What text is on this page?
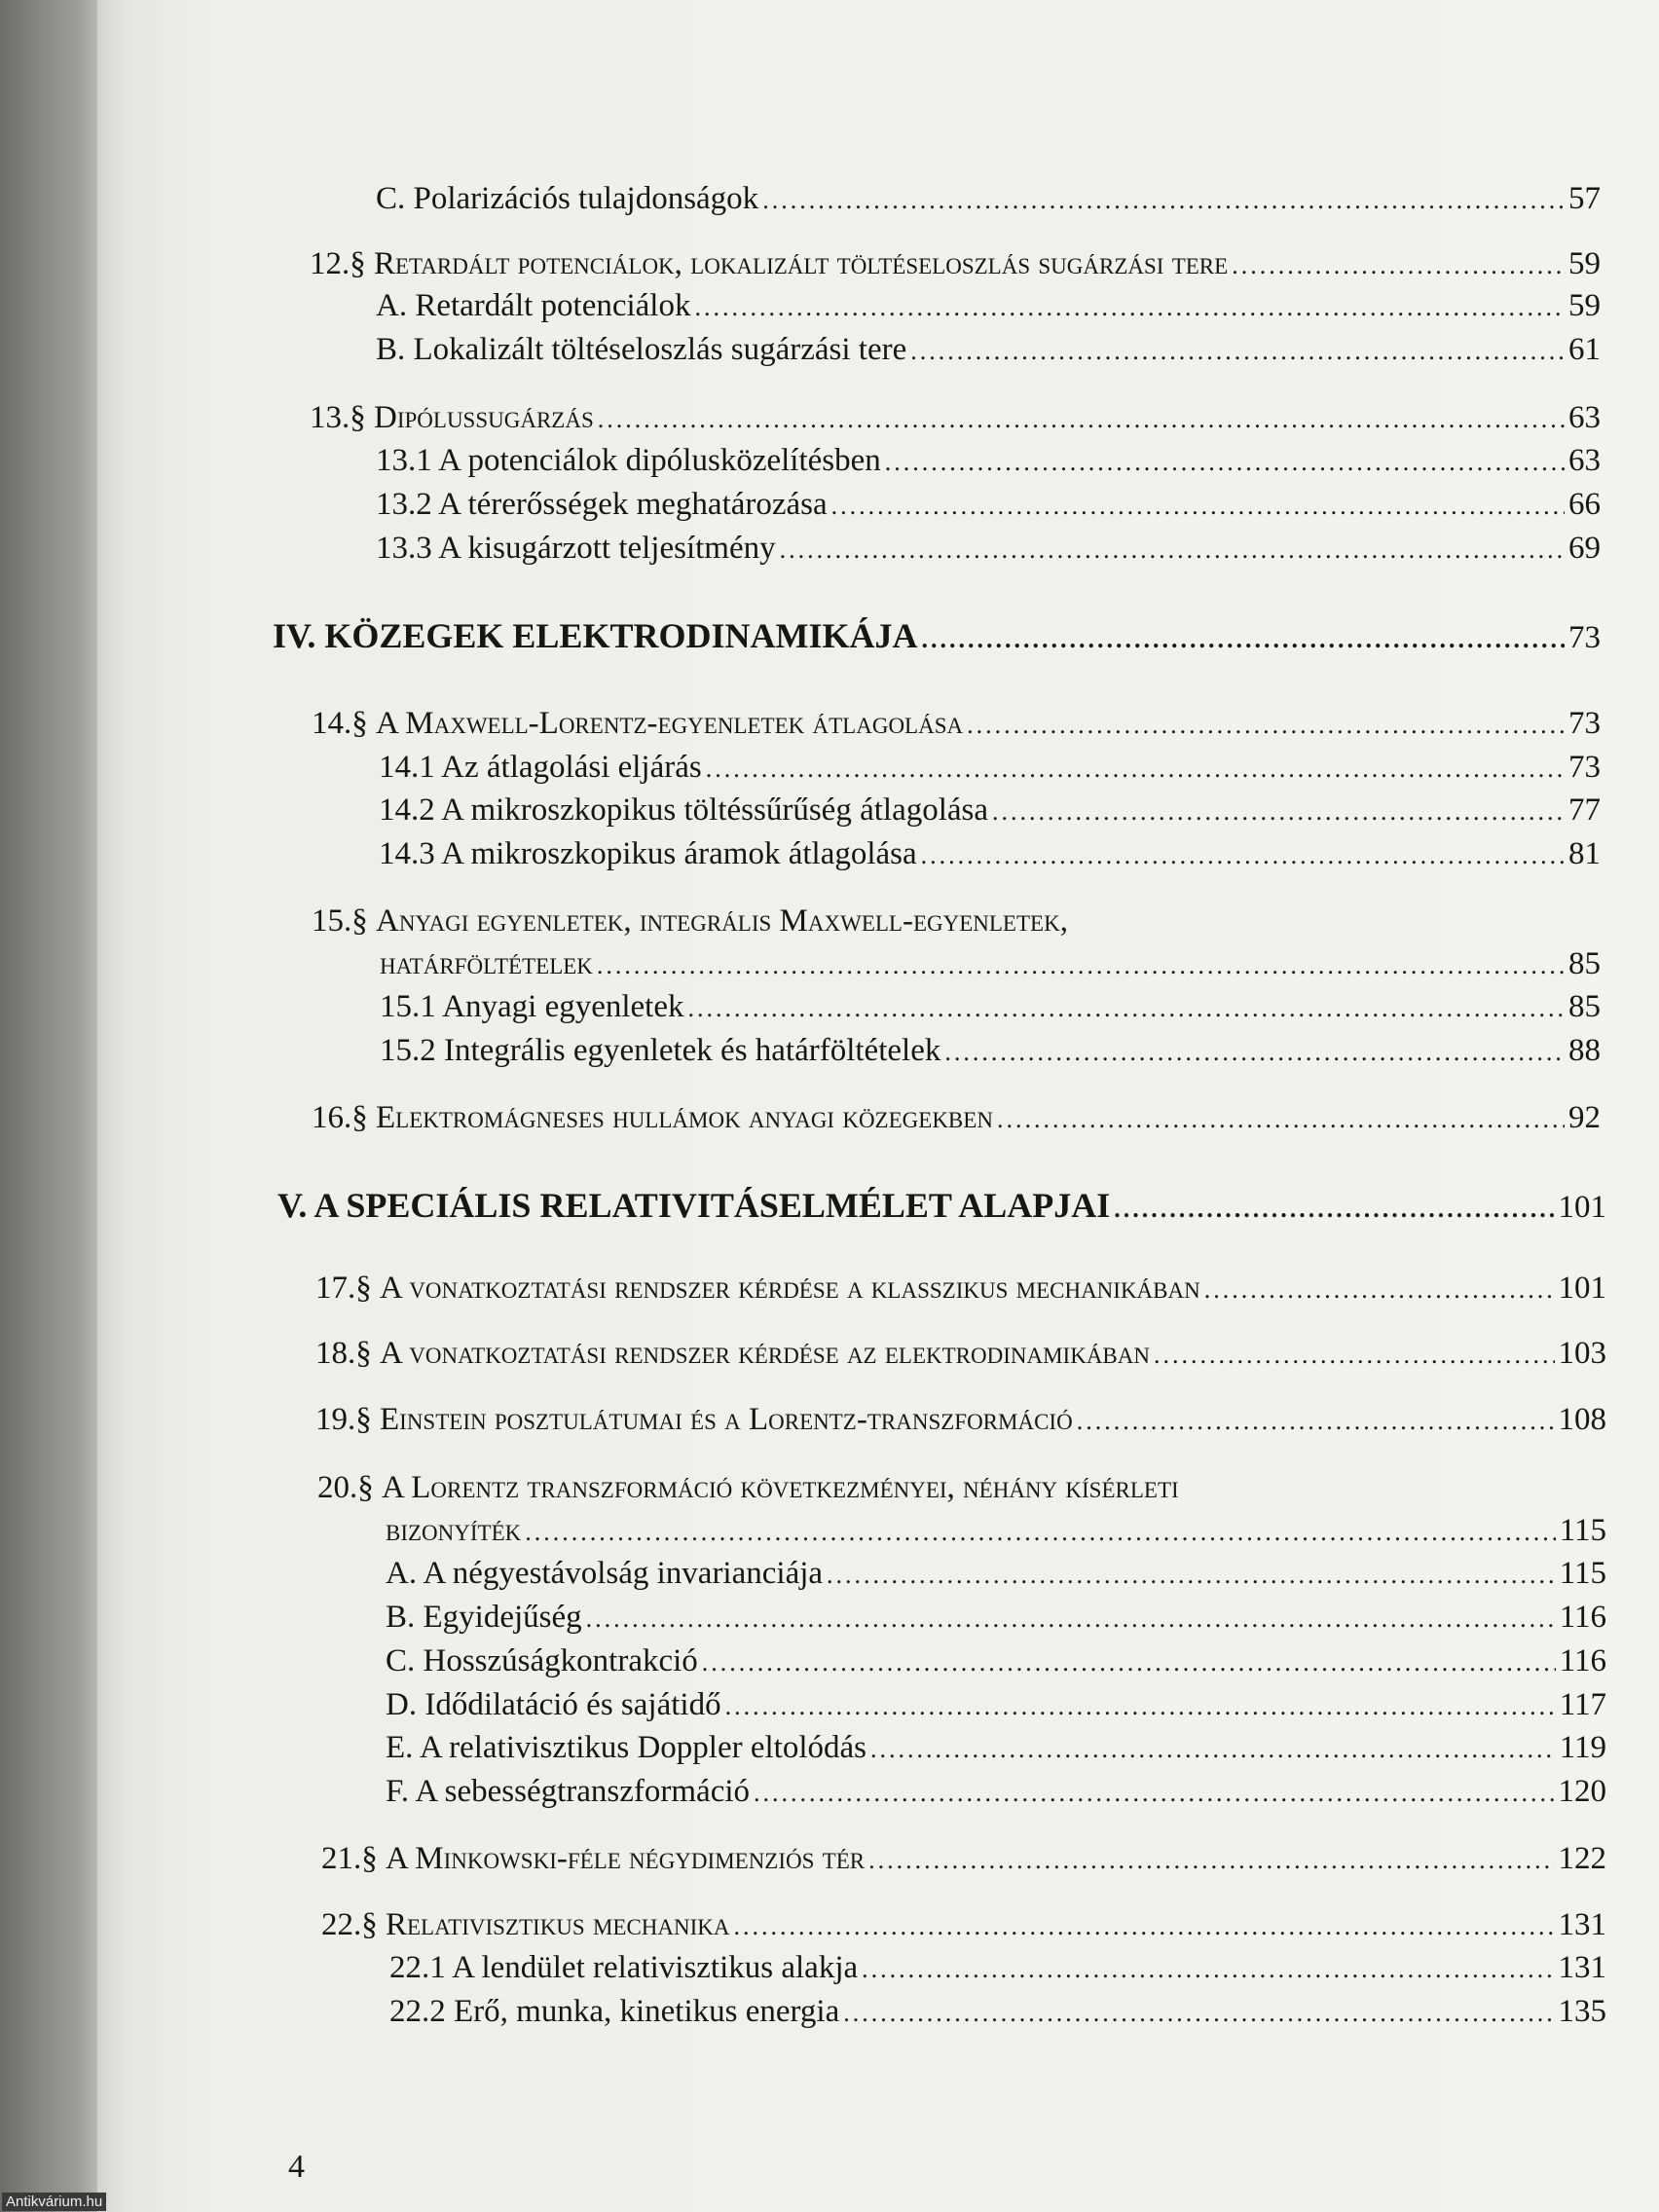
C. Polarizációs tulajdonságok .....	57
12.§ Retardált potenciálok, lokalizált töltéseloszlás sugárzási tere .....	59
A. Retardált potenciálok .....	59
B. Lokalizált töltéseloszlás sugárzási tere .....	61
13.§ Dipólussugárzás .....	63
13.1 A potenciálok dipólusközelítésben .....	63
13.2 A térerősségek meghatározása .....	66
13.3 A kisugárzott teljesítmény .....	69
IV. KÖZEGEK ELEKTRODINAMIKÁJA .....	73
14.§ A Maxwell-Lorentz-egyenletek átlagolása .....	73
14.1 Az átlagolási eljárás .....	73
14.2 A mikroszkopikus töltéssűrűség átlagolása .....	77
14.3 A mikroszkopikus áramok átlagolása .....	81
15.§ Anyagi egyenletek, integrális Maxwell-egyenletek,
határföltételek .....	85
15.1 Anyagi egyenletek .....	85
15.2 Integrális egyenletek és határföltételek .....	88
16.§ Elektromágneses hullámok anyagi közegekben .....	92
V. A SPECIÁLIS RELATIVITÁSELMÉLET ALAPJAI .....	101
17.§ A vonatkoztatási rendszer kérdése a klasszikus mechanikában .....	101
18.§ A vonatkoztatási rendszer kérdése az elektrodinamikában .....	103
19.§ Einstein posztulátumai és a Lorentz-transzformáció .....	108
20.§ A Lorentz transzformáció következményei, néhány kísérleti
bizonyíték .....	115
A. A négyestávolság invarianciája .....	115
B. Egyidejűség .....	116
C. Hosszúságkontrakció .....	116
D. Idődilatáció és sajátidő .....	117
E. A relativisztikus Doppler eltolódás .....	119
F. A sebességtranszformáció .....	120
21.§ A Minkowski-féle négydimenziós tér .....	122
22.§ Relativisztikus mechanika .....	131
22.1 A lendület relativisztikus alakja .....	131
22.2 Erő, munka, kinetikus energia .....	135
4
Antikvárium.hu
